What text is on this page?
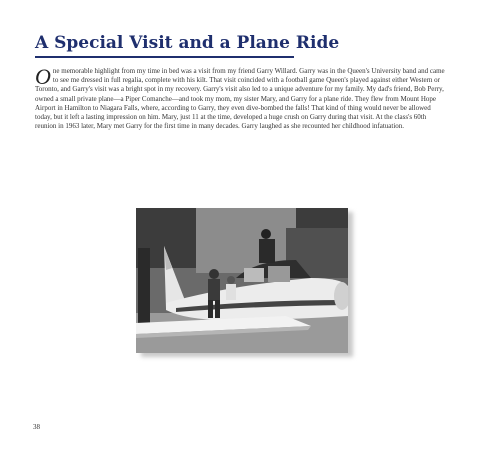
A Special Visit and a Plane Ride

One memorable highlight from my time in bed was a visit from my friend Garry Willard. Garry was in the Queen's University band and came to see me dressed in full regalia, complete with his kilt. That visit coincided with a football game Queen's played against either Western or Toronto, and Garry's visit was a bright spot in my recovery. Garry's visit also led to a unique adventure for my family. My dad's friend, Bob Perry, owned a small private plane—a Piper Comanche—and took my mom, my sister Mary, and Garry for a plane ride. They flew from Mount Hope Airport in Hamilton to Niagara Falls, where, according to Garry, they even dive-bombed the falls! That kind of thing would never be allowed today, but it left a lasting impression on him. Mary, just 11 at the time, developed a huge crush on Garry during that visit. At the class's 60th reunion in 1963 later, Mary met Garry for the first time in many decades. Garry laughed as she recounted her childhood infatuation.

38
